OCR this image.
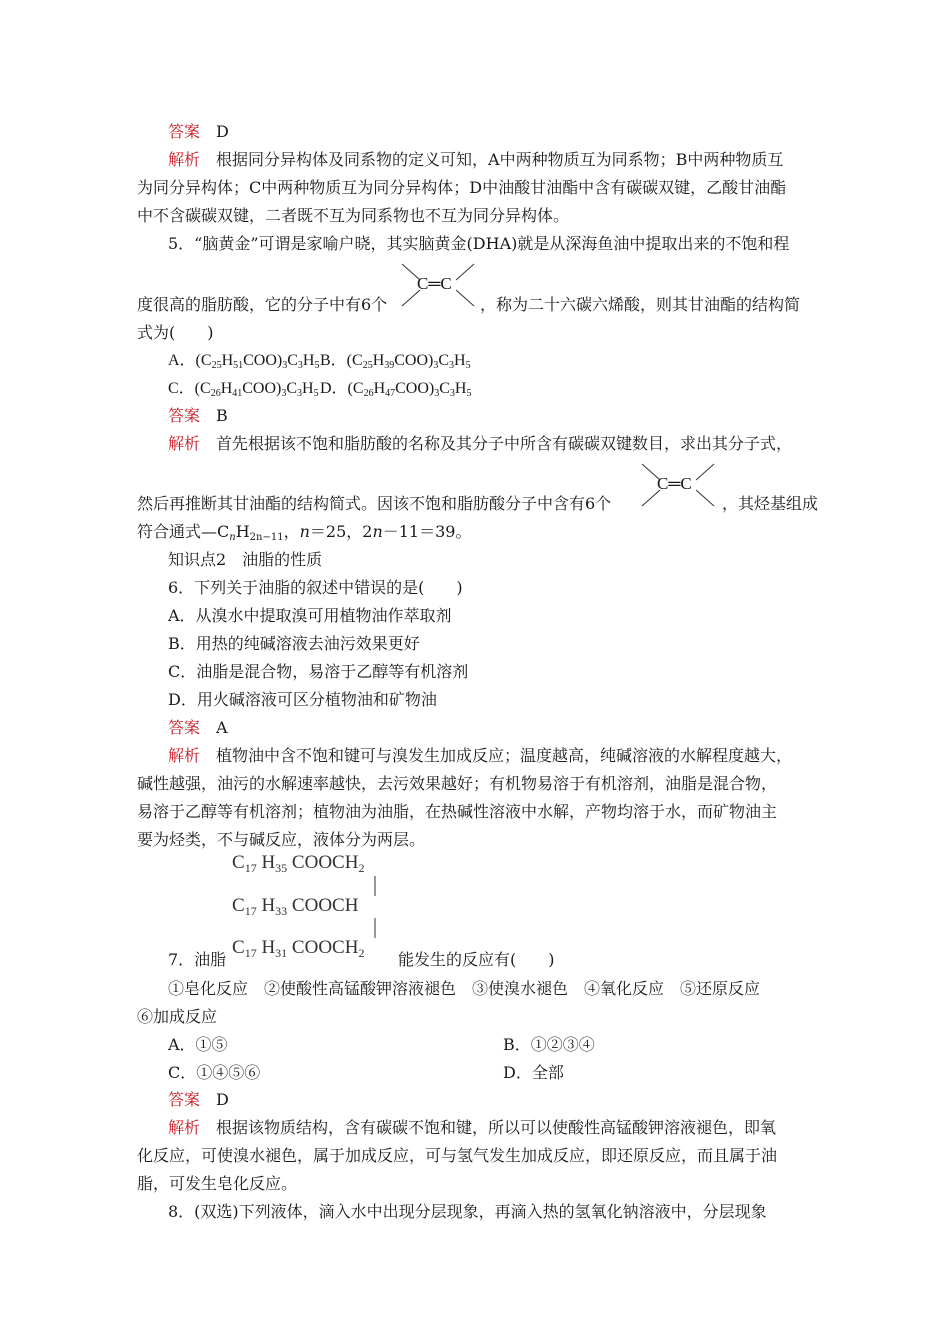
答案　 D
解析　 根据同分异构体及同系物的定义可知，A中两种物质互为同系物；B中两种物质互
为同分异构体；C中两种物质互为同分异构体；D中油酸甘油酯中含有碳碳双键，乙酸甘油酯
中不含碳碳双键，二者既不互为同系物也不互为同分异构体。
5．“脑黄金”可谓是家喻户晓，其实脑黄金(DHA)就是从深海鱼油中提取出来的不饱和程
C═C
度很高的脂肪酸，它的分子中有6个	，称为二十六碳六烯酸，则其甘油酯的结构简
式为(　　)
A．$(C_{25}H_{51}COO)_3C_3H_5$ B．$(C_{25}H_{39}COO)_3C_3H_5$
C．$(C_{26}H_{41}COO)_3C_3H_5$ D．$(C_{26}H_{47}COO)_3C_3H_5$
答案　 B
解析　 首先根据该不饱和脂肪酸的名称及其分子中所含有碳碳双键数目，求出其分子式，
C═C
然后再推断其甘油酯的结构简式。因该不饱和脂肪酸分子中含有6个	，其烃基组成
符合通式$—C_nH_{2n-11}$，n＝25，2n－11＝39。
知识点2　油脂的性质
6．下列关于油脂的叙述中错误的是(　　)
A．从溴水中提取溴可用植物油作萃取剂
B．用热的纯碱溶液去油污效果更好
C．油脂是混合物，易溶于乙醇等有机溶剂
D．用火碱溶液可区分植物油和矿物油
答案　 A
解析　 植物油中含不饱和键可与溴发生加成反应；温度越高，纯碱溶液的水解程度越大，
碱性越强，油污的水解速率越快，去污效果越好；有机物易溶于有机溶剂，油脂是混合物，
易溶于乙醇等有机溶剂；植物油为油脂，在热碱性溶液中水解，产物均溶于水，而矿物油主
要为烃类，不与碱反应，液体分为两层。
$C_{17}$ $H_{35}$ $COOCH_2$
$C_{17}$ $H_{33}$ COOCH
$C_{17}$ $H_{31}$ $COOCH_2$
7．油脂	能发生的反应有(　　)
①皂化反应　②使酸性高锰酸钾溶液褪色　③使溴水褪色　④氧化反应　⑤还原反应
⑥加成反应
A．①⑤	B．①②③④
C．①④⑤⑥	D．全部
答案　 D
解析　 根据该物质结构，含有碳碳不饱和键，所以可以使酸性高锰酸钾溶液褪色，即氧
化反应，可使溴水褪色，属于加成反应，可与氢气发生加成反应，即还原反应，而且属于油
脂，可发生皂化反应。
8．(双选)下列液体，滴入水中出现分层现象，再滴入热的氢氧化钠溶液中，分层现象
